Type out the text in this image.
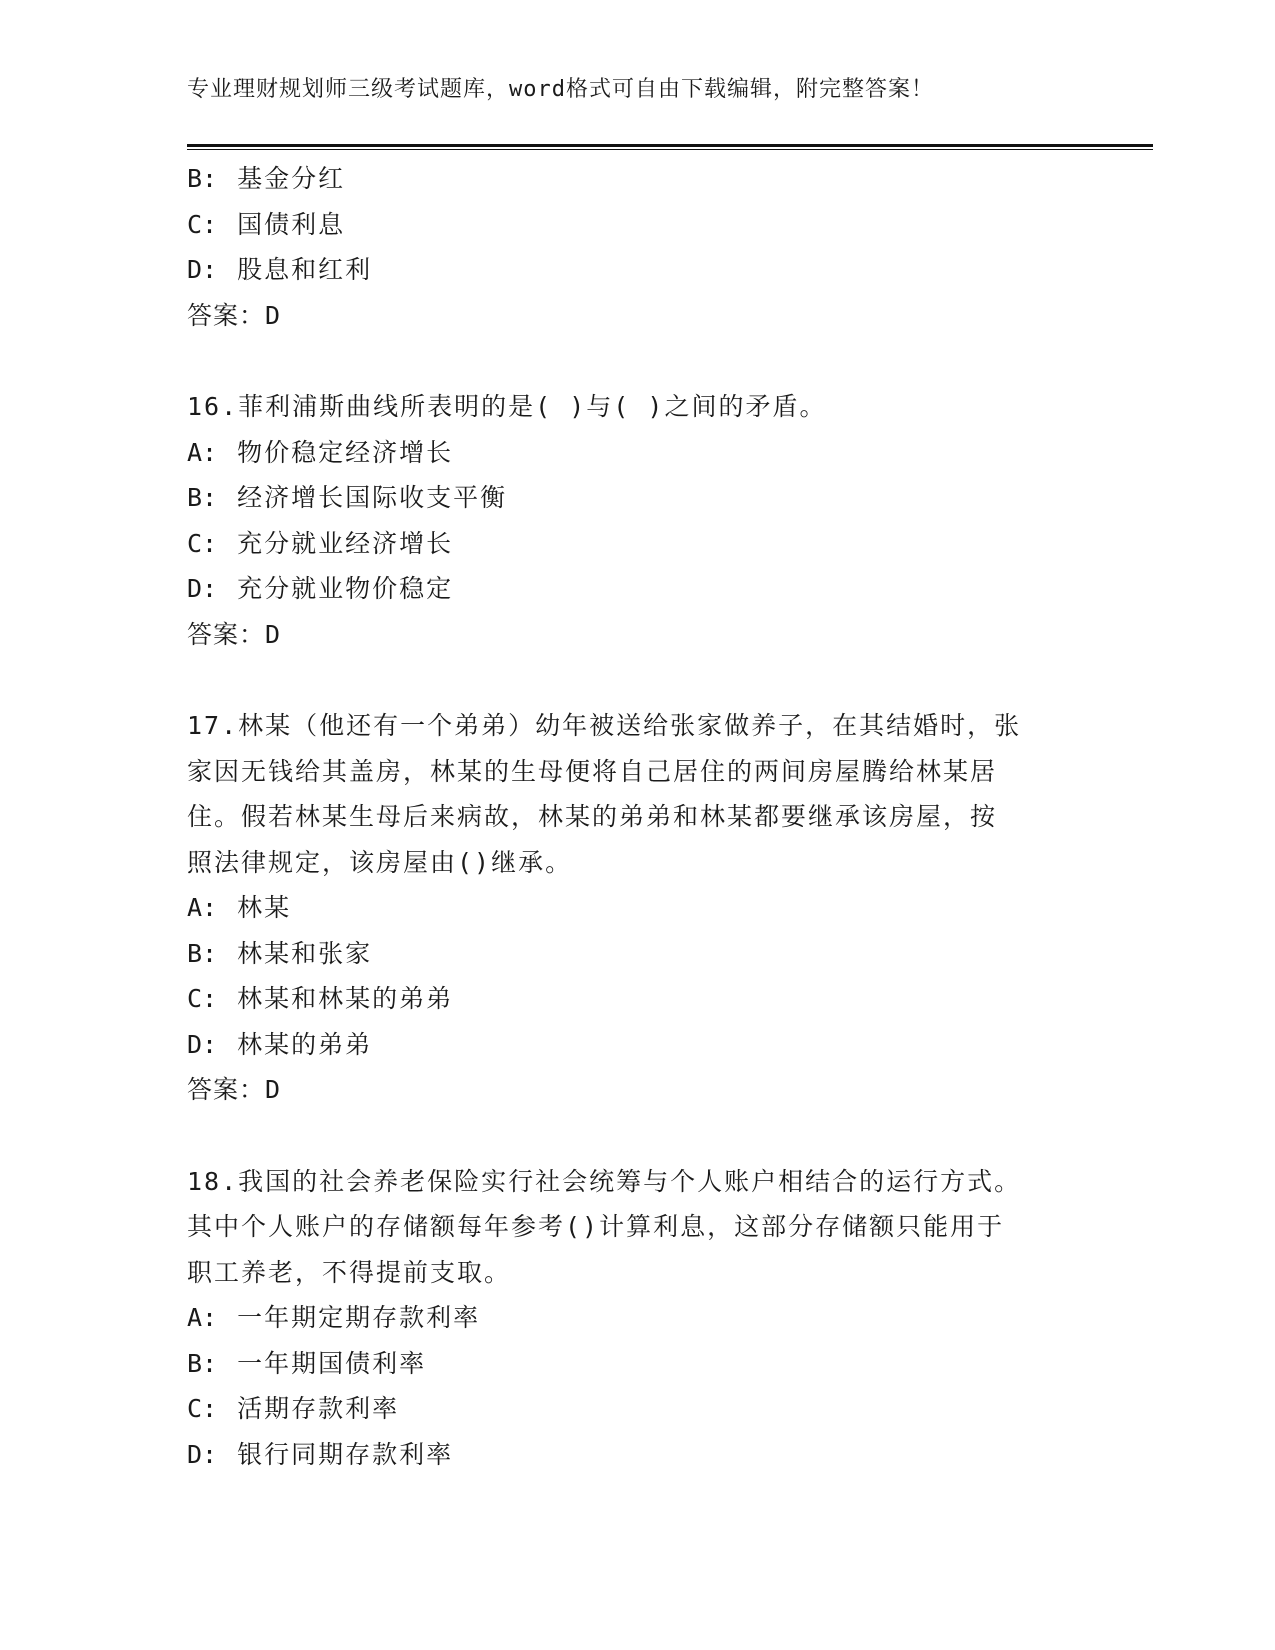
专业理财规划师三级考试题库，word格式可自由下载编辑，附完整答案！
B: 基金分红
C: 国债利息
D: 股息和红利
答案：D
16.菲利浦斯曲线所表明的是( )与( )之间的矛盾。
A: 物价稳定经济增长
B: 经济增长国际收支平衡
C: 充分就业经济增长
D: 充分就业物价稳定
答案：D
17.林某（他还有一个弟弟）幼年被送给张家做养子，在其结婚时，张
家因无钱给其盖房，林某的生母便将自己居住的两间房屋腾给林某居
住。假若林某生母后来病故，林某的弟弟和林某都要继承该房屋，按
照法律规定，该房屋由()继承。
A: 林某
B: 林某和张家
C: 林某和林某的弟弟
D: 林某的弟弟
答案：D
18.我国的社会养老保险实行社会统筹与个人账户相结合的运行方式。
其中个人账户的存储额每年参考()计算利息，这部分存储额只能用于
职工养老，不得提前支取。
A: 一年期定期存款利率
B: 一年期国债利率
C: 活期存款利率
D: 银行同期存款利率
